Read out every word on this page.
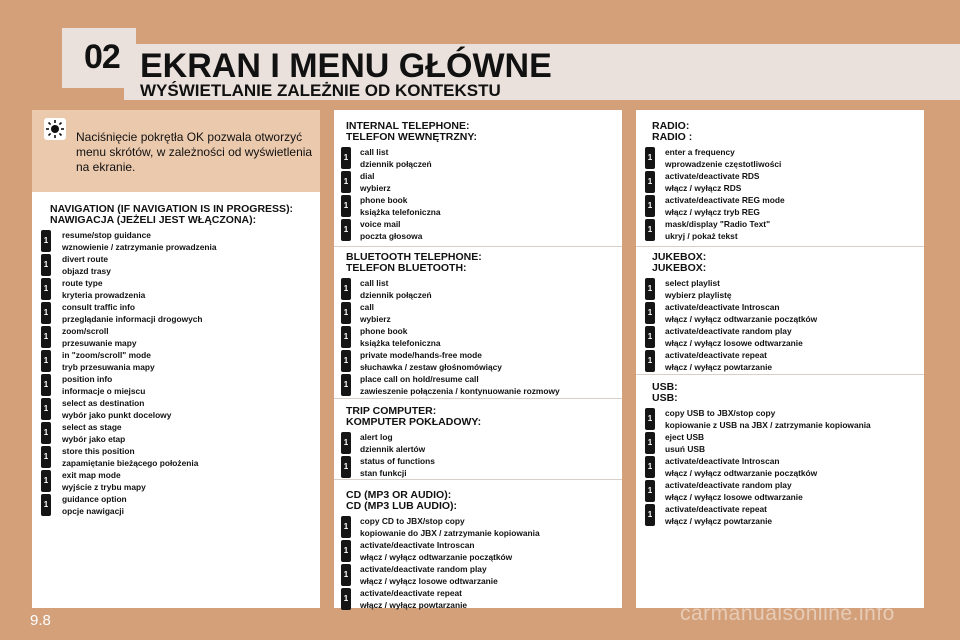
02 EKRAN I MENU GŁÓWNE
WYŚWIETLANIE ZALEŻNIE OD KONTEKSTU
Naciśnięcie pokrętła OK pozwala otworzyć menu skrótów, w zależności od wyświetlenia na ekranie.
NAVIGATION (IF NAVIGATION IS IN PROGRESS):
NAWIGACJA (JEŻELI JEST WŁĄCZONA):
1
resume/stop guidance
wznowienie / zatrzymanie prowadzenia
1
divert route
objazd trasy
1
route type
kryteria prowadzenia
1
consult traffic info
przeglądanie informacji drogowych
1
zoom/scroll
przesuwanie mapy
1
in "zoom/scroll" mode
tryb przesuwania mapy
1
position info
informacje o miejscu
1
select as destination
wybór jako punkt docelowy
1
select as stage
wybór jako etap
1
store this position
zapamiętanie bieżącego położenia
1
exit map mode
wyjście z trybu mapy
1
guidance option
opcje nawigacji
INTERNAL TELEPHONE:
TELEFON WEWNĘTRZNY:
1
call list
dziennik połączeń
1
dial
wybierz
1
phone book
książka telefoniczna
1
voice mail
poczta głosowa
BLUETOOTH TELEPHONE:
TELEFON BLUETOOTH:
1
call list
dziennik połączeń
1
call
wybierz
1
phone book
książka telefoniczna
1
private mode/hands-free mode
słuchawka / zestaw głośnomówiący
1
place call on hold/resume call
zawieszenie połączenia / kontynuowanie rozmowy
TRIP COMPUTER:
KOMPUTER POKŁADOWY:
1
alert log
dziennik alertów
1
status of functions
stan funkcji
CD (MP3 OR AUDIO):
CD (MP3 LUB AUDIO):
1
copy CD to JBX/stop copy
kopiowanie do JBX / zatrzymanie kopiowania
1
activate/deactivate Introscan
włącz / wyłącz odtwarzanie początków
1
activate/deactivate random play
włącz / wyłącz losowe odtwarzanie
1
activate/deactivate repeat
włącz / wyłącz powtarzanie
RADIO:
RADIO :
1
enter a frequency
wprowadzenie częstotliwości
1
activate/deactivate RDS
włącz / wyłącz RDS
1
activate/deactivate REG mode
włącz / wyłącz tryb REG
1
mask/display "Radio Text"
ukryj / pokaż tekst
JUKEBOX:
JUKEBOX:
1
select playlist
wybierz playlistę
1
activate/deactivate Introscan
włącz / wyłącz odtwarzanie początków
1
activate/deactivate random play
włącz / wyłącz losowe odtwarzanie
1
activate/deactivate repeat
włącz / wyłącz powtarzanie
USB:
USB:
1
copy USB to JBX/stop copy
kopiowanie z USB na JBX / zatrzymanie kopiowania
1
eject USB
usuń USB
1
activate/deactivate Introscan
włącz / wyłącz odtwarzanie początków
1
activate/deactivate random play
włącz / wyłącz losowe odtwarzanie
1
activate/deactivate repeat
włącz / wyłącz powtarzanie
9.8	carmanualsonline.info
